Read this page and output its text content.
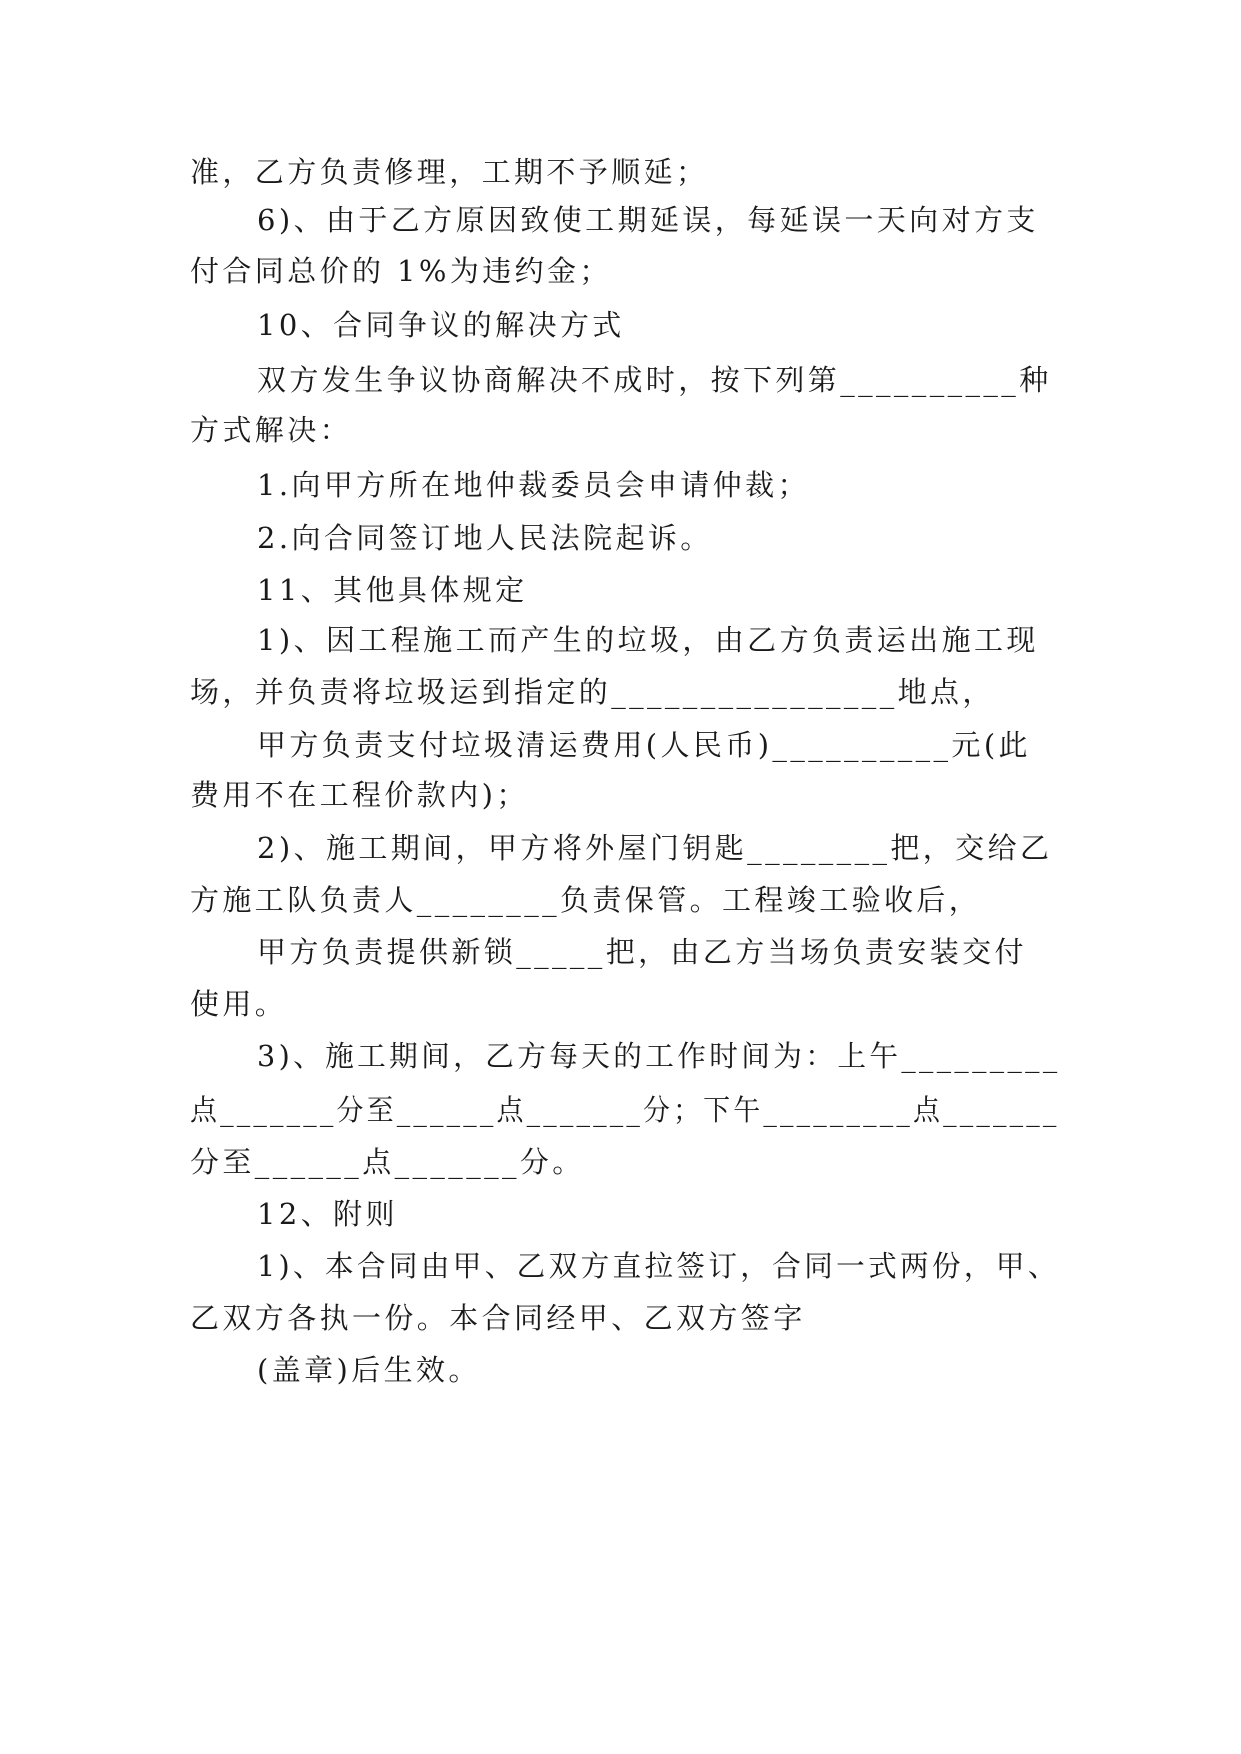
准，乙方负责修理，工期不予顺延；
6)、由于乙方原因致使工期延误，每延误一天向对方支
付合同总价的 1%为违约金；
10、合同争议的解决方式
双方发生争议协商解决不成时，按下列第__________种
方式解决：
1.向甲方所在地仲裁委员会申请仲裁；
2.向合同签订地人民法院起诉。
11、其他具体规定
1)、因工程施工而产生的垃圾，由乙方负责运出施工现
场，并负责将垃圾运到指定的________________地点，
甲方负责支付垃圾清运费用(人民币)__________元(此
费用不在工程价款内)；
2)、施工期间，甲方将外屋门钥匙________把，交给乙
方施工队负责人________负责保管。工程竣工验收后，
甲方负责提供新锁_____把，由乙方当场负责安装交付
使用。
3)、施工期间，乙方每天的工作时间为：上午_________
点_______分至______点_______分；下午_________点_______
分至______点_______分。
12、附则
1)、本合同由甲、乙双方直拉签订，合同一式两份，甲、
乙双方各执一份。本合同经甲、乙双方签字
(盖章)后生效。
